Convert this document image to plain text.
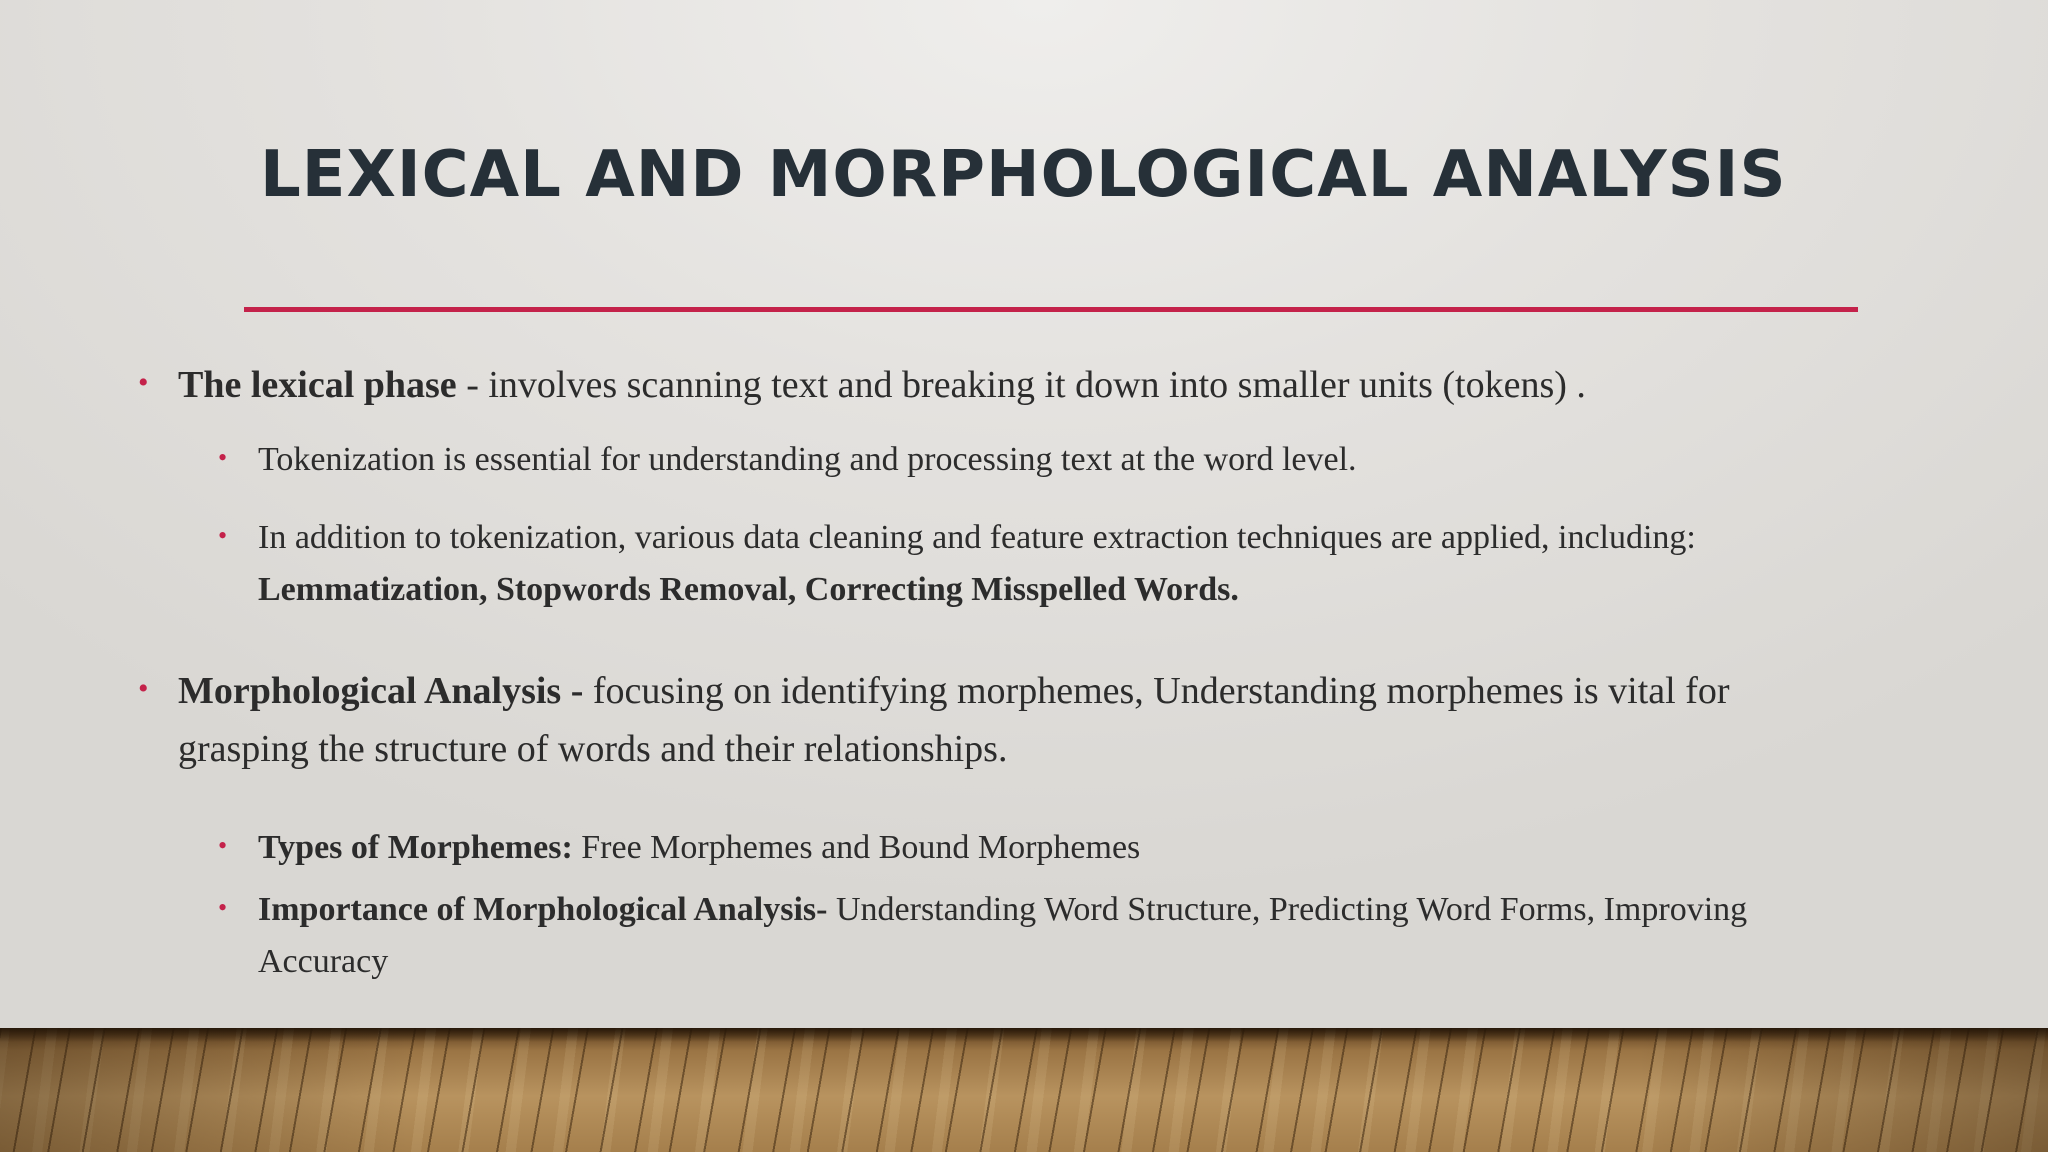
LEXICAL AND MORPHOLOGICAL ANALYSIS

• The lexical phase - involves scanning text and breaking it down into smaller units (tokens) .

• Tokenization is essential for understanding and processing text at the word level.

• In addition to tokenization, various data cleaning and feature extraction techniques are applied, including: Lemmatization, Stopwords Removal, Correcting Misspelled Words.

• Morphological Analysis - focusing on identifying morphemes, Understanding morphemes is vital for grasping the structure of words and their relationships.

• Types of Morphemes: Free Morphemes and Bound Morphemes

• Importance of Morphological Analysis- Understanding Word Structure, Predicting Word Forms, Improving Accuracy
